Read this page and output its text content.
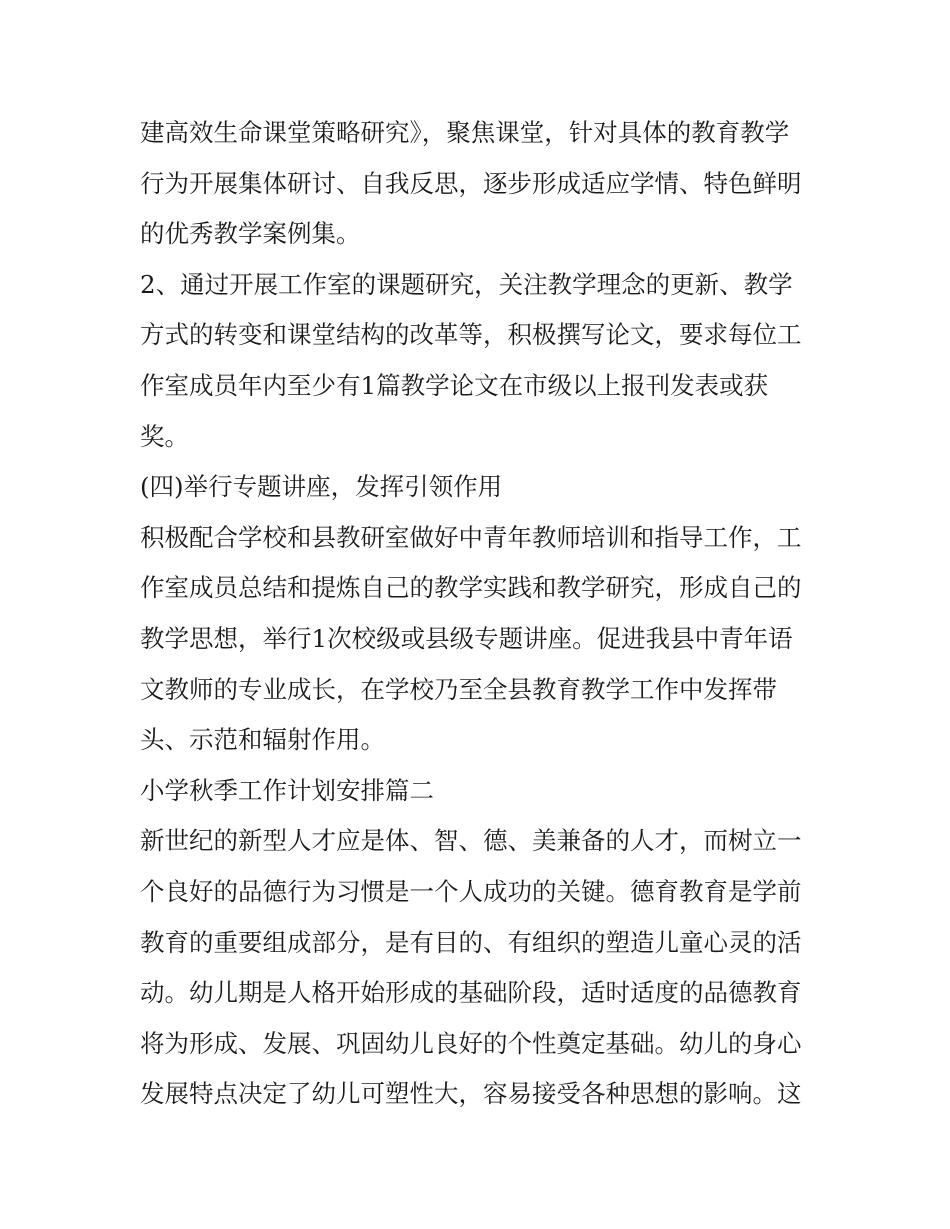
建高效生命课堂策略研究》，聚焦课堂，针对具体的教育教学
行为开展集体研讨、自我反思，逐步形成适应学情、特色鲜明
的优秀教学案例集。
2、通过开展工作室的课题研究，关注教学理念的更新、教学
方式的转变和课堂结构的改革等，积极撰写论文，要求每位工
作室成员年内至少有1篇教学论文在市级以上报刊发表或获
奖。
(四)举行专题讲座，发挥引领作用
积极配合学校和县教研室做好中青年教师培训和指导工作，工
作室成员总结和提炼自己的教学实践和教学研究，形成自己的
教学思想，举行1次校级或县级专题讲座。促进我县中青年语
文教师的专业成长，在学校乃至全县教育教学工作中发挥带
头、示范和辐射作用。
小学秋季工作计划安排篇二
新世纪的新型人才应是体、智、德、美兼备的人才，而树立一
个良好的品德行为习惯是一个人成功的关键。德育教育是学前
教育的重要组成部分，是有目的、有组织的塑造儿童心灵的活
动。幼儿期是人格开始形成的基础阶段，适时适度的品德教育
将为形成、发展、巩固幼儿良好的个性奠定基础。幼儿的身心
发展特点决定了幼儿可塑性大，容易接受各种思想的影响。这
